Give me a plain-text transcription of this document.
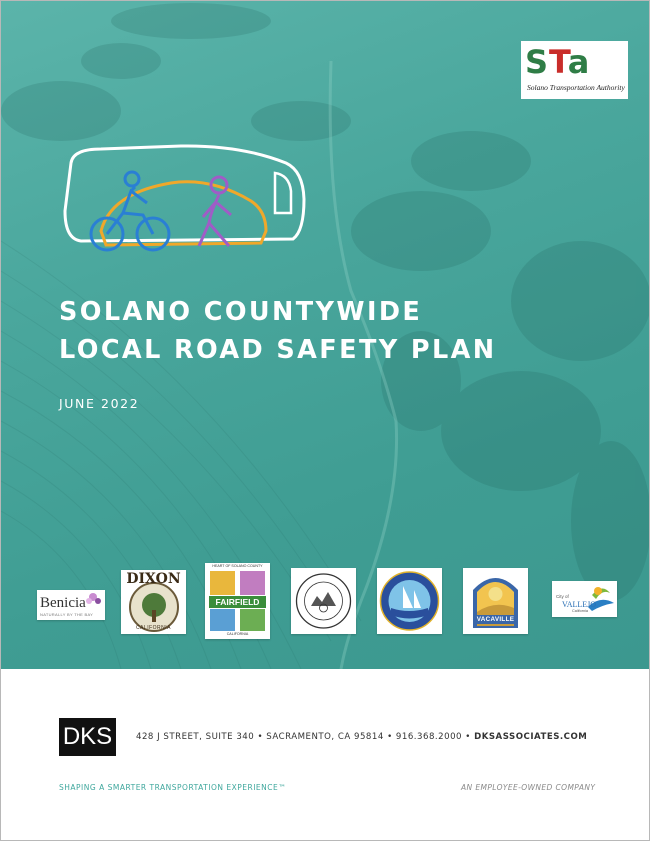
STa
Solano Transportation Authority
SOLANO COUNTYWIDE
LOCAL ROAD SAFETY PLAN
JUNE 2022
Benicia
NATURALLY BY THE BAY
DIXON
CALIFORNIA
HEART OF SOLANO COUNTY
FAIRFIELD
CALIFORNIA
VACAVILLE
City of
VALLEJO
California
DKS	428 J STREET, SUITE 340 • SACRAMENTO, CA 95814 • 916.368.2000 • DKSASSOCIATES.COM
SHAPING A SMARTER TRANSPORTATION EXPERIENCE™	AN EMPLOYEE-OWNED COMPANY
